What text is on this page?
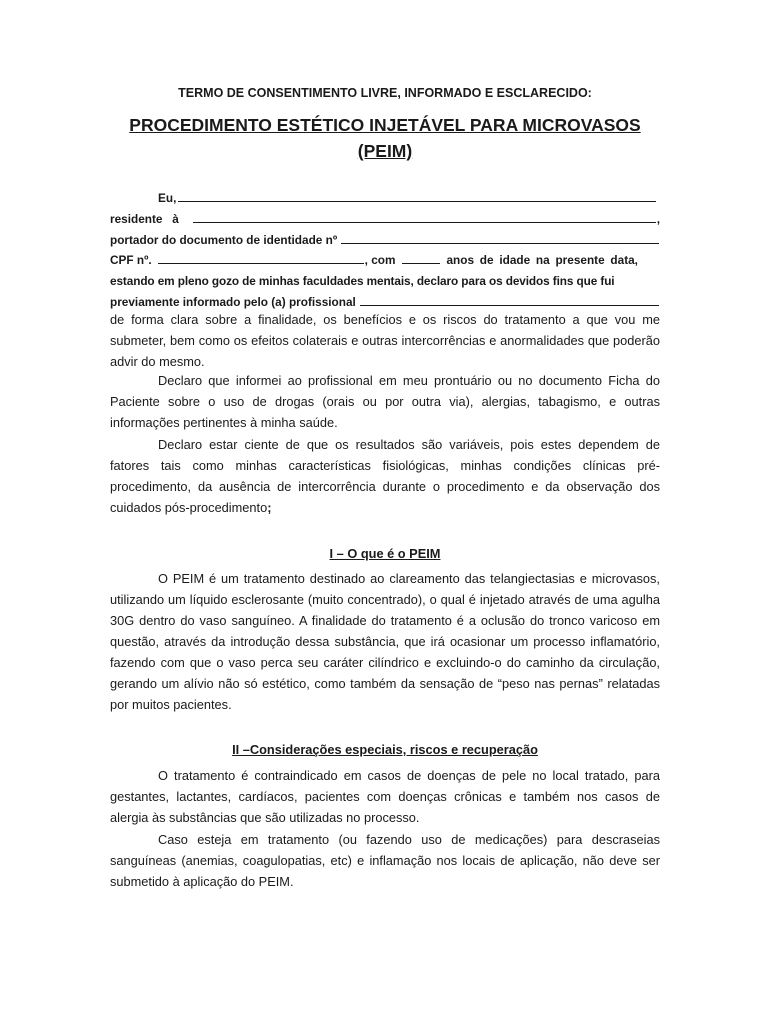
TERMO DE CONSENTIMENTO LIVRE, INFORMADO E ESCLARECIDO:
PROCEDIMENTO ESTÉTICO INJETÁVEL PARA MICROVASOS
(PEIM)
Eu,
residente   à	,
portador do documento de identidade nº
CPF nº.	, com	anos de idade na presente data,
estando em pleno gozo de minhas faculdades mentais, declaro para os devidos fins que fui
previamente informado pelo (a) profissional
de forma clara sobre a finalidade, os benefícios e os riscos do tratamento a que vou me submeter, bem como os efeitos colaterais e outras intercorrências e anormalidades que poderão advir do mesmo.
Declaro que informei ao profissional em meu prontuário ou no documento Ficha do Paciente sobre o uso de drogas (orais ou por outra via), alergias, tabagismo, e outras informações pertinentes à minha saúde.
Declaro estar ciente de que os resultados são variáveis, pois estes dependem de fatores tais como minhas características fisiológicas, minhas condições clínicas pré-procedimento, da ausência de intercorrência durante o procedimento e da observação dos cuidados pós-procedimento;
I – O que é o PEIM
O PEIM é um tratamento destinado ao clareamento das telangiectasias e microvasos, utilizando um líquido esclerosante (muito concentrado), o qual é injetado através de uma agulha 30G dentro do vaso sanguíneo. A finalidade do tratamento é a oclusão do tronco varicoso em questão, através da introdução dessa substância, que irá ocasionar um processo inflamatório, fazendo com que o vaso perca seu caráter cilíndrico e excluindo-o do caminho da circulação, gerando um alívio não só estético, como também da sensação de “peso nas pernas” relatadas por muitos pacientes.
II –Considerações especiais, riscos e recuperação
O tratamento é contraindicado em casos de doenças de pele no local tratado, para gestantes, lactantes, cardíacos, pacientes com doenças crônicas e também nos casos de alergia às substâncias que são utilizadas no processo.
Caso esteja em tratamento (ou fazendo uso de medicações) para descraseias sanguíneas (anemias, coagulopatias, etc) e inflamação nos locais de aplicação, não deve ser submetido à aplicação do PEIM.
